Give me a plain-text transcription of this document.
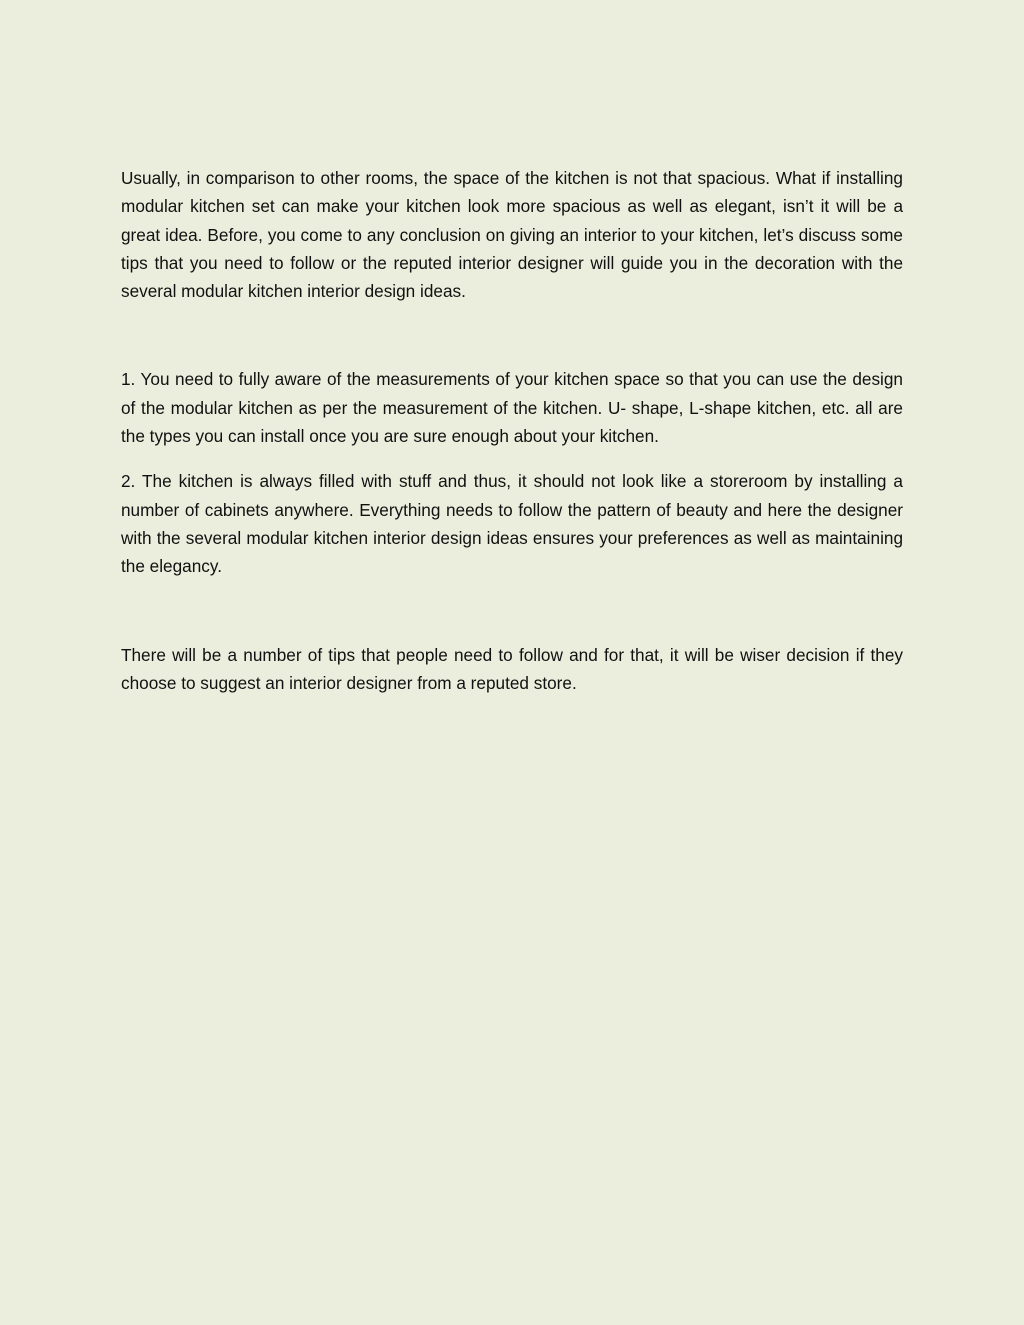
Usually, in comparison to other rooms, the space of the kitchen is not that spacious. What if installing modular kitchen set can make your kitchen look more spacious as well as elegant, isn’t it will be a great idea. Before, you come to any conclusion on giving an interior to your kitchen, let’s discuss some tips that you need to follow or the reputed interior designer will guide you in the decoration with the several modular kitchen interior design ideas.

1. You need to fully aware of the measurements of your kitchen space so that you can use the design of the modular kitchen as per the measurement of the kitchen. U- shape, L-shape kitchen, etc. all are the types you can install once you are sure enough about your kitchen.

2. The kitchen is always filled with stuff and thus, it should not look like a storeroom by installing a number of cabinets anywhere. Everything needs to follow the pattern of beauty and here the designer with the several modular kitchen interior design ideas ensures your preferences as well as maintaining the elegancy.

There will be a number of tips that people need to follow and for that, it will be wiser decision if they choose to suggest an interior designer from a reputed store.
